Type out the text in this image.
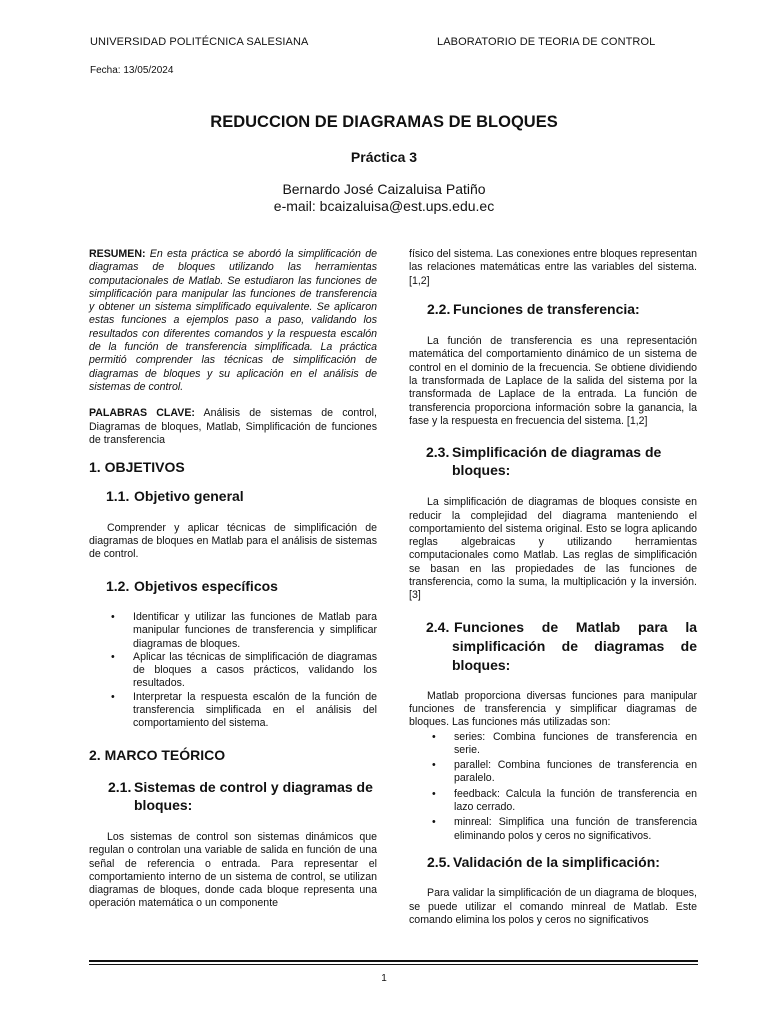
UNIVERSIDAD POLITÉCNICA SALESIANA	LABORATORIO DE TEORIA DE CONTROL
Fecha: 13/05/2024
REDUCCION DE DIAGRAMAS DE BLOQUES
Práctica 3
Bernardo José Caizaluisa Patiño
e-mail: bcaizaluisa@est.ups.edu.ec

RESUMEN: En esta práctica se abordó la simplificación de diagramas de bloques utilizando las herramientas computacionales de Matlab. Se estudiaron las funciones de simplificación para manipular las funciones de transferencia y obtener un sistema simplificado equivalente. Se aplicaron estas funciones a ejemplos paso a paso, validando los resultados con diferentes comandos y la respuesta escalón de la función de transferencia simplificada. La práctica permitió comprender las técnicas de simplificación de diagramas de bloques y su aplicación en el análisis de sistemas de control.

PALABRAS CLAVE: Análisis de sistemas de control, Diagramas de bloques, Matlab, Simplificación de funciones de transferencia

1. OBJETIVOS
1.1. Objetivo general

Comprender y aplicar técnicas de simplificación de diagramas de bloques en Matlab para el análisis de sistemas de control.

1.2. Objetivos específicos
• Identificar y utilizar las funciones de Matlab para manipular funciones de transferencia y simplificar diagramas de bloques.
• Aplicar las técnicas de simplificación de diagramas de bloques a casos prácticos, validando los resultados.
• Interpretar la respuesta escalón de la función de transferencia simplificada en el análisis del comportamiento del sistema.
2. MARCO TEÓRICO
2.1. Sistemas de control y diagramas de bloques:

Los sistemas de control son sistemas dinámicos que regulan o controlan una variable de salida en función de una señal de referencia o entrada. Para representar el comportamiento interno de un sistema de control, se utilizan diagramas de bloques, donde cada bloque representa una operación matemática o un componente

físico del sistema. Las conexiones entre bloques representan las relaciones matemáticas entre las variables del sistema. [1,2]

2.2. Funciones de transferencia:

La función de transferencia es una representación matemática del comportamiento dinámico de un sistema de control en el dominio de la frecuencia. Se obtiene dividiendo la transformada de Laplace de la salida del sistema por la transformada de Laplace de la entrada. La función de transferencia proporciona información sobre la ganancia, la fase y la respuesta en frecuencia del sistema. [1,2]

2.3. Simplificación de diagramas de bloques:

La simplificación de diagramas de bloques consiste en reducir la complejidad del diagrama manteniendo el comportamiento del sistema original. Esto se logra aplicando reglas algebraicas y utilizando herramientas computacionales como Matlab. Las reglas de simplificación se basan en las propiedades de las funciones de transferencia, como la suma, la multiplicación y la inversión. [3]

2.4. Funciones de Matlab para la simplificación de diagramas de bloques:

Matlab proporciona diversas funciones para manipular funciones de transferencia y simplificar diagramas de bloques. Las funciones más utilizadas son:

• series: Combina funciones de transferencia en serie.
• parallel: Combina funciones de transferencia en paralelo.
• feedback: Calcula la función de transferencia en lazo cerrado.
• minreal: Simplifica una función de transferencia eliminando polos y ceros no significativos.
2.5. Validación de la simplificación:

Para validar la simplificación de un diagrama de bloques, se puede utilizar el comando minreal de Matlab. Este comando elimina los polos y ceros no significativos

1
